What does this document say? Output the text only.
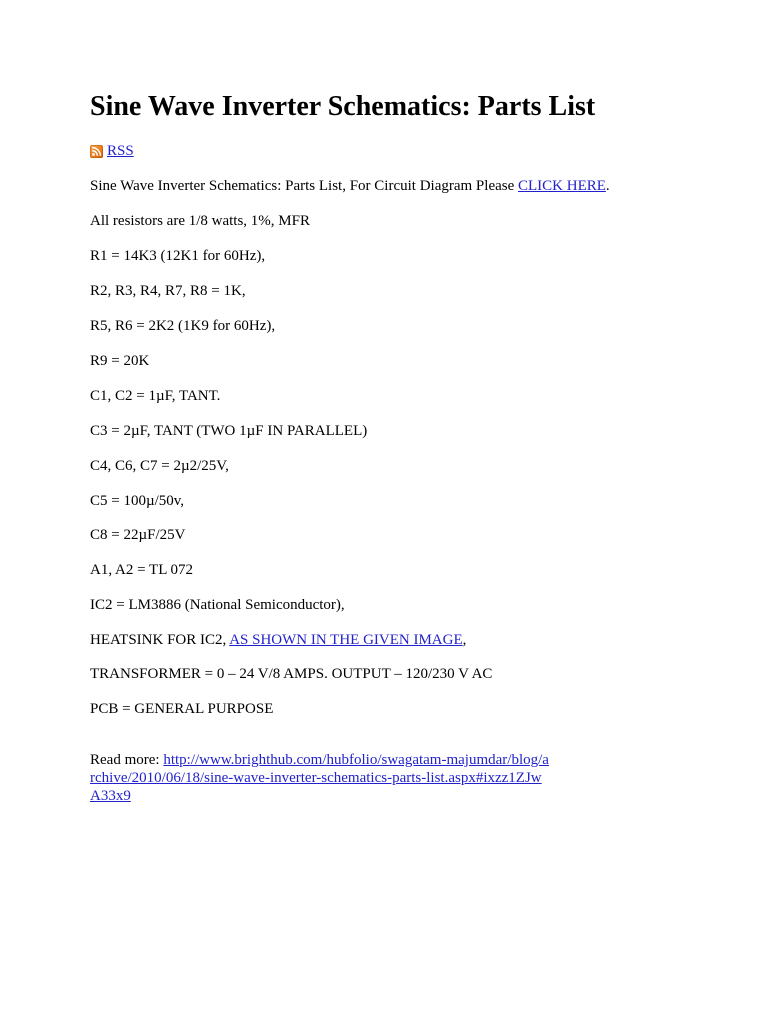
Sine Wave Inverter Schematics: Parts List
RSS

Sine Wave Inverter Schematics: Parts List, For Circuit Diagram Please CLICK HERE.

All resistors are 1/8 watts, 1%, MFR

R1 = 14K3 (12K1 for 60Hz),

R2, R3, R4, R7, R8 = 1K,

R5, R6 = 2K2 (1K9 for 60Hz),

R9 = 20K

C1, C2 = 1µF, TANT.

C3 = 2µF, TANT (TWO 1µF IN PARALLEL)

C4, C6, C7 = 2µ2/25V,

C5 = 100µ/50v,

C8 = 22µF/25V

A1, A2 = TL 072

IC2 = LM3886 (National Semiconductor),

HEATSINK FOR IC2, AS SHOWN IN THE GIVEN IMAGE,

TRANSFORMER = 0 – 24 V/8 AMPS. OUTPUT – 120/230 V AC

PCB = GENERAL PURPOSE

Read more: http://www.brighthub.com/hubfolio/swagatam-majumdar/blog/archive/2010/06/18/sine-wave-inverter-schematics-parts-list.aspx#ixzz1ZJwA33x9
